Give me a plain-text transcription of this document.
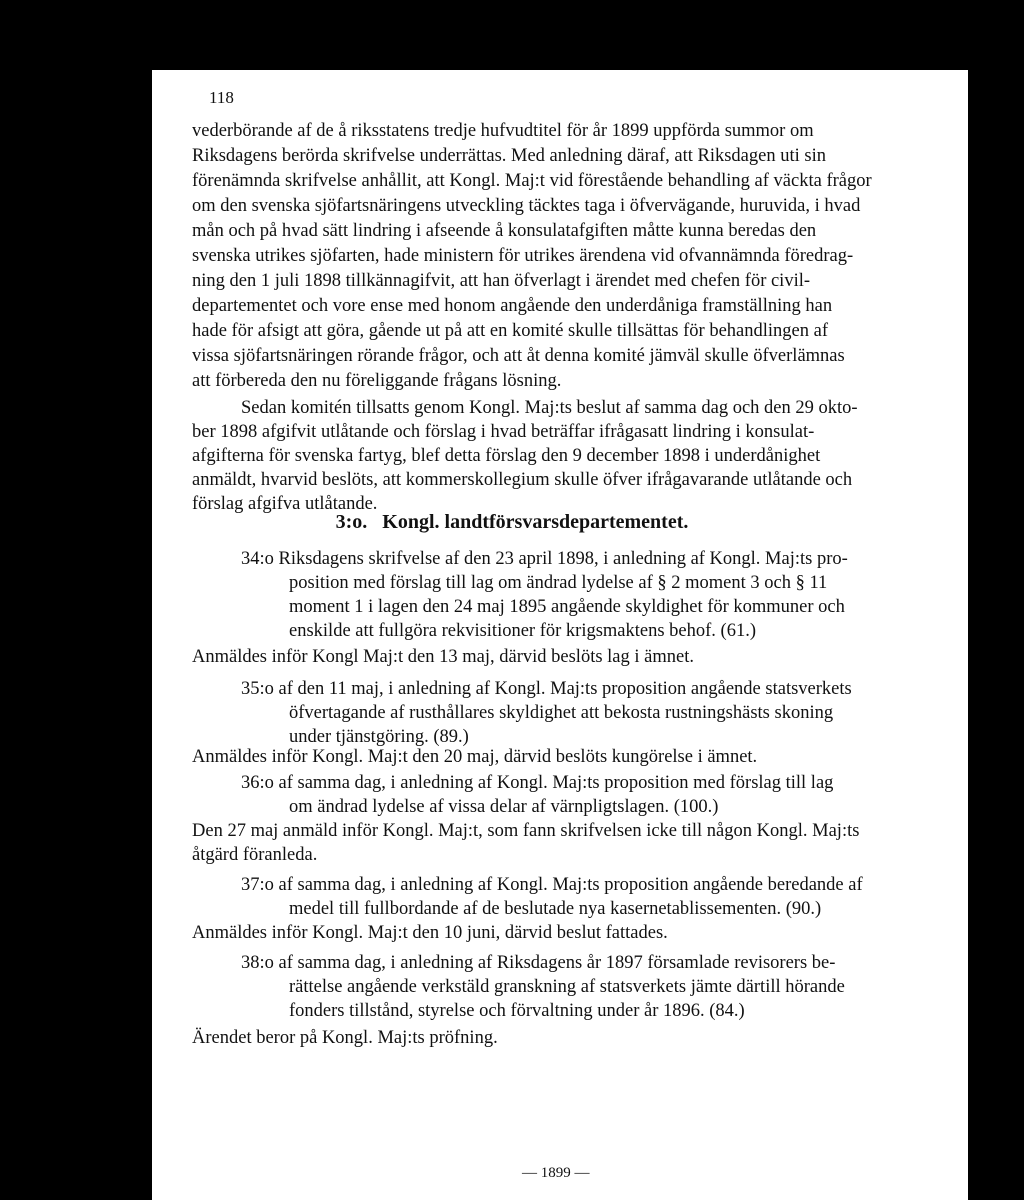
118
vederbörande af de å riksstatens tredje hufvudtitel för år 1899 uppförda summor om
Riksdagens berörda skrifvelse underrättas. Med anledning däraf, att Riksdagen uti sin
förenämnda skrifvelse anhållit, att Kongl. Maj:t vid förestående behandling af väckta frågor
om den svenska sjöfartsnäringens utveckling täcktes taga i öfvervägande, huruvida, i hvad
mån och på hvad sätt lindring i afseende å konsulatafgiften måtte kunna beredas den
svenska utrikes sjöfarten, hade ministern för utrikes ärendena vid ofvannämnda föredrag-
ning den 1 juli 1898 tillkännagifvit, att han öfverlagt i ärendet med chefen för civil-
departementet och vore ense med honom angående den underdåniga framställning han
hade för afsigt att göra, gående ut på att en komité skulle tillsättas för behandlingen af
vissa sjöfartsnäringen rörande frågor, och att åt denna komité jämväl skulle öfverlämnas
att förbereda den nu föreliggande frågans lösning.
Sedan komitén tillsatts genom Kongl. Maj:ts beslut af samma dag och den 29 okto-
ber 1898 afgifvit utlåtande och förslag i hvad beträffar ifrågasatt lindring i konsulat-
afgifterna för svenska fartyg, blef detta förslag den 9 december 1898 i underdånighet
anmäldt, hvarvid beslöts, att kommerskollegium skulle öfver ifrågavarande utlåtande och
förslag afgifva utlåtande.
3:o. Kongl. landtförsvarsdepartementet.
34:o Riksdagens skrifvelse af den 23 april 1898, i anledning af Kongl. Maj:ts pro-
position med förslag till lag om ändrad lydelse af § 2 moment 3 och § 11
moment 1 i lagen den 24 maj 1895 angående skyldighet för kommuner och
enskilde att fullgöra rekvisitioner för krigsmaktens behof. (61.)
Anmäldes inför Kongl Maj:t den 13 maj, därvid beslöts lag i ämnet.
35:o af den 11 maj, i anledning af Kongl. Maj:ts proposition angående statsverkets
öfvertagande af rusthållares skyldighet att bekosta rustningshästs skoning
under tjänstgöring. (89.)
Anmäldes inför Kongl. Maj:t den 20 maj, därvid beslöts kungörelse i ämnet.
36:o af samma dag, i anledning af Kongl. Maj:ts proposition med förslag till lag
om ändrad lydelse af vissa delar af värnpligtslagen. (100.)
Den 27 maj anmäld inför Kongl. Maj:t, som fann skrifvelsen icke till någon Kongl. Maj:ts
åtgärd föranleda.
37:o af samma dag, i anledning af Kongl. Maj:ts proposition angående beredande af
medel till fullbordande af de beslutade nya kasernetablissementen. (90.)
Anmäldes inför Kongl. Maj:t den 10 juni, därvid beslut fattades.
38:o af samma dag, i anledning af Riksdagens år 1897 församlade revisorers be-
rättelse angående verkstäld granskning af statsverkets jämte därtill hörande
fonders tillstånd, styrelse och förvaltning under år 1896. (84.)
Ärendet beror på Kongl. Maj:ts pröfning.
— 1899 —
